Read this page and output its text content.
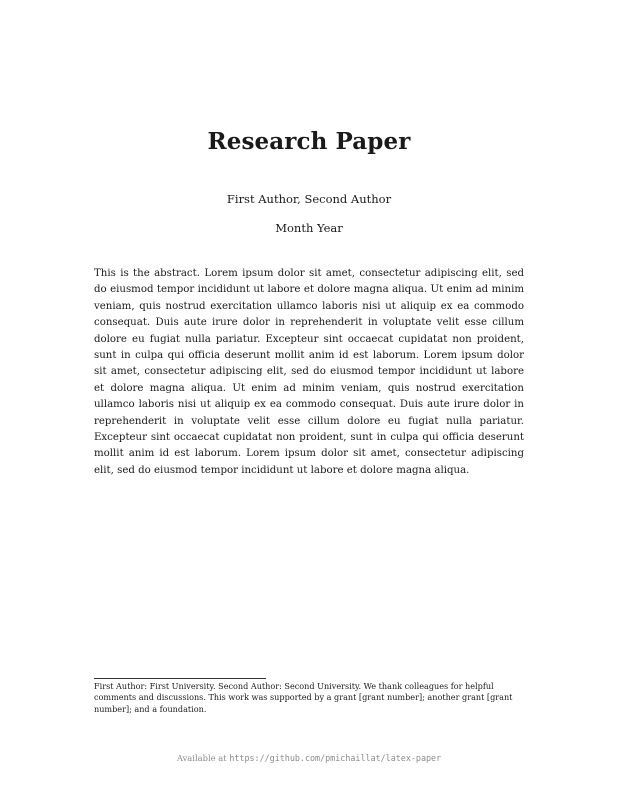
Research Paper
First Author, Second Author
Month Year

This is the abstract. Lorem ipsum dolor sit amet, consectetur adipiscing elit, sed do eiusmod tempor incididunt ut labore et dolore magna aliqua. Ut enim ad minim veniam, quis nostrud exercitation ullamco laboris nisi ut aliquip ex ea commodo consequat. Duis aute irure dolor in reprehenderit in voluptate velit esse cillum dolore eu fugiat nulla pariatur. Excepteur sint occaecat cupidatat non proident, sunt in culpa qui officia deserunt mollit anim id est laborum. Lorem ipsum dolor sit amet, consectetur adipiscing elit, sed do eiusmod tempor incididunt ut labore et dolore magna aliqua. Ut enim ad minim veniam, quis nostrud exercitation ullamco laboris nisi ut aliquip ex ea commodo consequat. Duis aute irure dolor in reprehenderit in voluptate velit esse cillum dolore eu fugiat nulla pariatur. Excepteur sint occaecat cupidatat non proident, sunt in culpa qui officia deserunt mollit anim id est laborum. Lorem ipsum dolor sit amet, consectetur adipiscing elit, sed do eiusmod tempor incididunt ut labore et dolore magna aliqua.

First Author: First University. Second Author: Second University. We thank colleagues for helpful comments and discussions. This work was supported by a grant [grant number]; another grant [grant number]; and a foundation.

Available at https://github.com/pmichaillat/latex-paper
